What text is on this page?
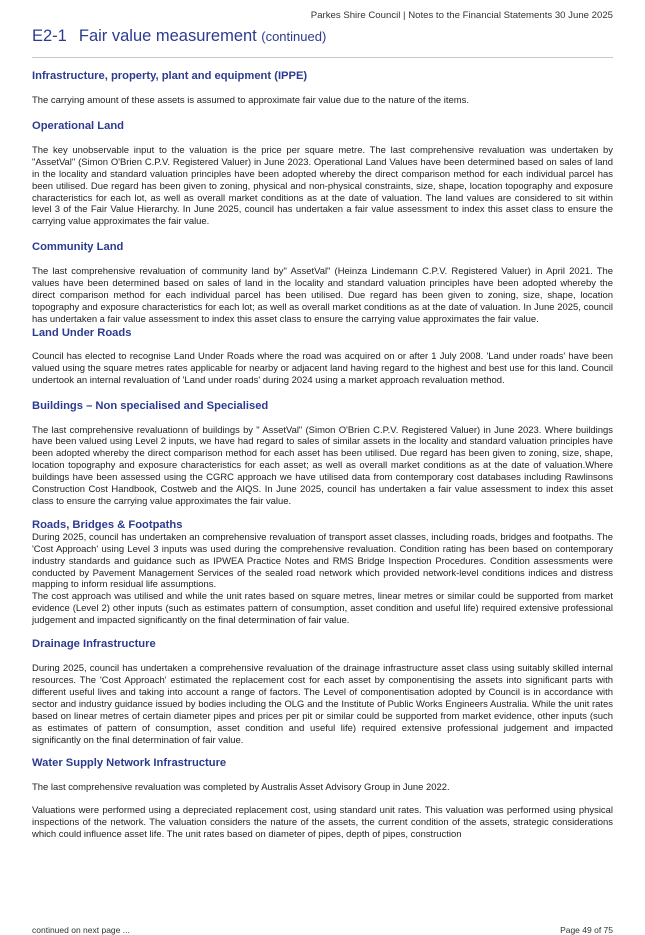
Parkes Shire Council | Notes to the Financial Statements 30 June 2025
E2-1 Fair value measurement (continued)
Infrastructure, property, plant and equipment (IPPE)

The carrying amount of these assets is assumed to approximate fair value due to the nature of the items.

Operational Land

The key unobservable input to the valuation is the price per square metre. The last comprehensive revaluation was undertaken by "AssetVal" (Simon O'Brien C.P.V. Registered Valuer) in June 2023. Operational Land Values have been determined based on sales of land in the locality and standard valuation principles have been adopted whereby the direct comparison method for each individual parcel has been utilised. Due regard has been given to zoning, physical and non-physical constraints, size, shape, location topography and exposure characteristics for each lot, as well as overall market conditions as at the date of valuation. The land values are considered to sit within level 3 of the Fair Value Hierarchy. In June 2025, council has undertaken a fair value assessment to index this asset class to ensure the carrying value approximates the fair value.

Community Land

The last comprehensive revaluation of community land by" AssetVal" (Heinza Lindemann C.P.V. Registered Valuer) in April 2021. The values have been determined based on sales of land in the locality and standard valuation principles have been adopted whereby the direct comparison method for each individual parcel has been utilised. Due regard has been given to zoning, size, shape, location topography and exposure characteristics for each lot; as well as overall market conditions as at the date of valuation. In June 2025, council has undertaken a fair value assessment to index this asset class to ensure the carrying value approximates the fair value.

Land Under Roads

Council has elected to recognise Land Under Roads where the road was acquired on or after 1 July 2008. 'Land under roads' have been valued using the square metres rates applicable for nearby or adjacent land having regard to the highest and best use for this land. Council undertook an internal revaluation of 'Land under roads' during 2024 using a market approach revaluation method.

Buildings – Non specialised and Specialised

The last comprehensive revaluationn of buildings by " AssetVal" (Simon O'Brien C.P.V. Registered Valuer) in June 2023. Where buildings have been valued using Level 2 inputs, we have had regard to sales of similar assets in the locality and standard valuation principles have been adopted whereby the direct comparison method for each asset has been utilised. Due regard has been given to zoning, size, shape, location topography and exposure characteristics for each asset; as well as overall market conditions as at the date of valuation.Where buildings have been assessed using the CGRC approach we have utilised data from contemporary cost databases including Rawlinsons Construction Cost Handbook, Costweb and the AIQS. In June 2025, council has undertaken a fair value assessment to index this asset class to ensure the carrying value approximates the fair value.

Roads, Bridges & Footpaths

During 2025, council has undertaken an comprehensive revaluation of transport asset classes, including roads, bridges and footpaths. The 'Cost Approach' using Level 3 inputs was used during the comprehensive revaluation. Condition rating has been based on contemporary industry standards and guidance such as IPWEA Practice Notes and RMS Bridge Inspection Procedures. Condition assessments were conducted by Pavement Management Services of the sealed road network which provided network-level conditions indices and distress mapping to inform residual life assumptions.

The cost approach was utilised and while the unit rates based on square metres, linear metres or similar could be supported from market evidence (Level 2) other inputs (such as estimates pattern of consumption, asset condition and useful life) required extensive professional judgement and impacted significantly on the final determination of fair value.

Drainage Infrastructure

During 2025, council has undertaken a comprehensive revaluation of the drainage infrastructure asset class using suitably skilled internal resources. The 'Cost Approach' estimated the replacement cost for each asset by componentising the assets into significant parts with different useful lives and taking into account a range of factors. The Level of componentisation adopted by Council is in accordance with sector and industry guidance issued by bodies including the OLG and the Institute of Public Works Engineers Australia. While the unit rates based on linear metres of certain diameter pipes and prices per pit or similar could be supported from market evidence, other inputs (such as estimates of pattern of consumption, asset condition and useful life) required extensive professional judgement and impacted significantly on the final determination of fair value.

Water Supply Network Infrastructure

The last comprehensive revaluation was completed by Australis Asset Advisory Group in June 2022.

Valuations were performed using a depreciated replacement cost, using standard unit rates. This valuation was performed using physical inspections of the network. The valuation considers the nature of the assets, the current condition of the assets, strategic considerations which could influence asset life. The unit rates based on diameter of pipes, depth of pipes, construction

continued on next page ...	Page 49 of 75
